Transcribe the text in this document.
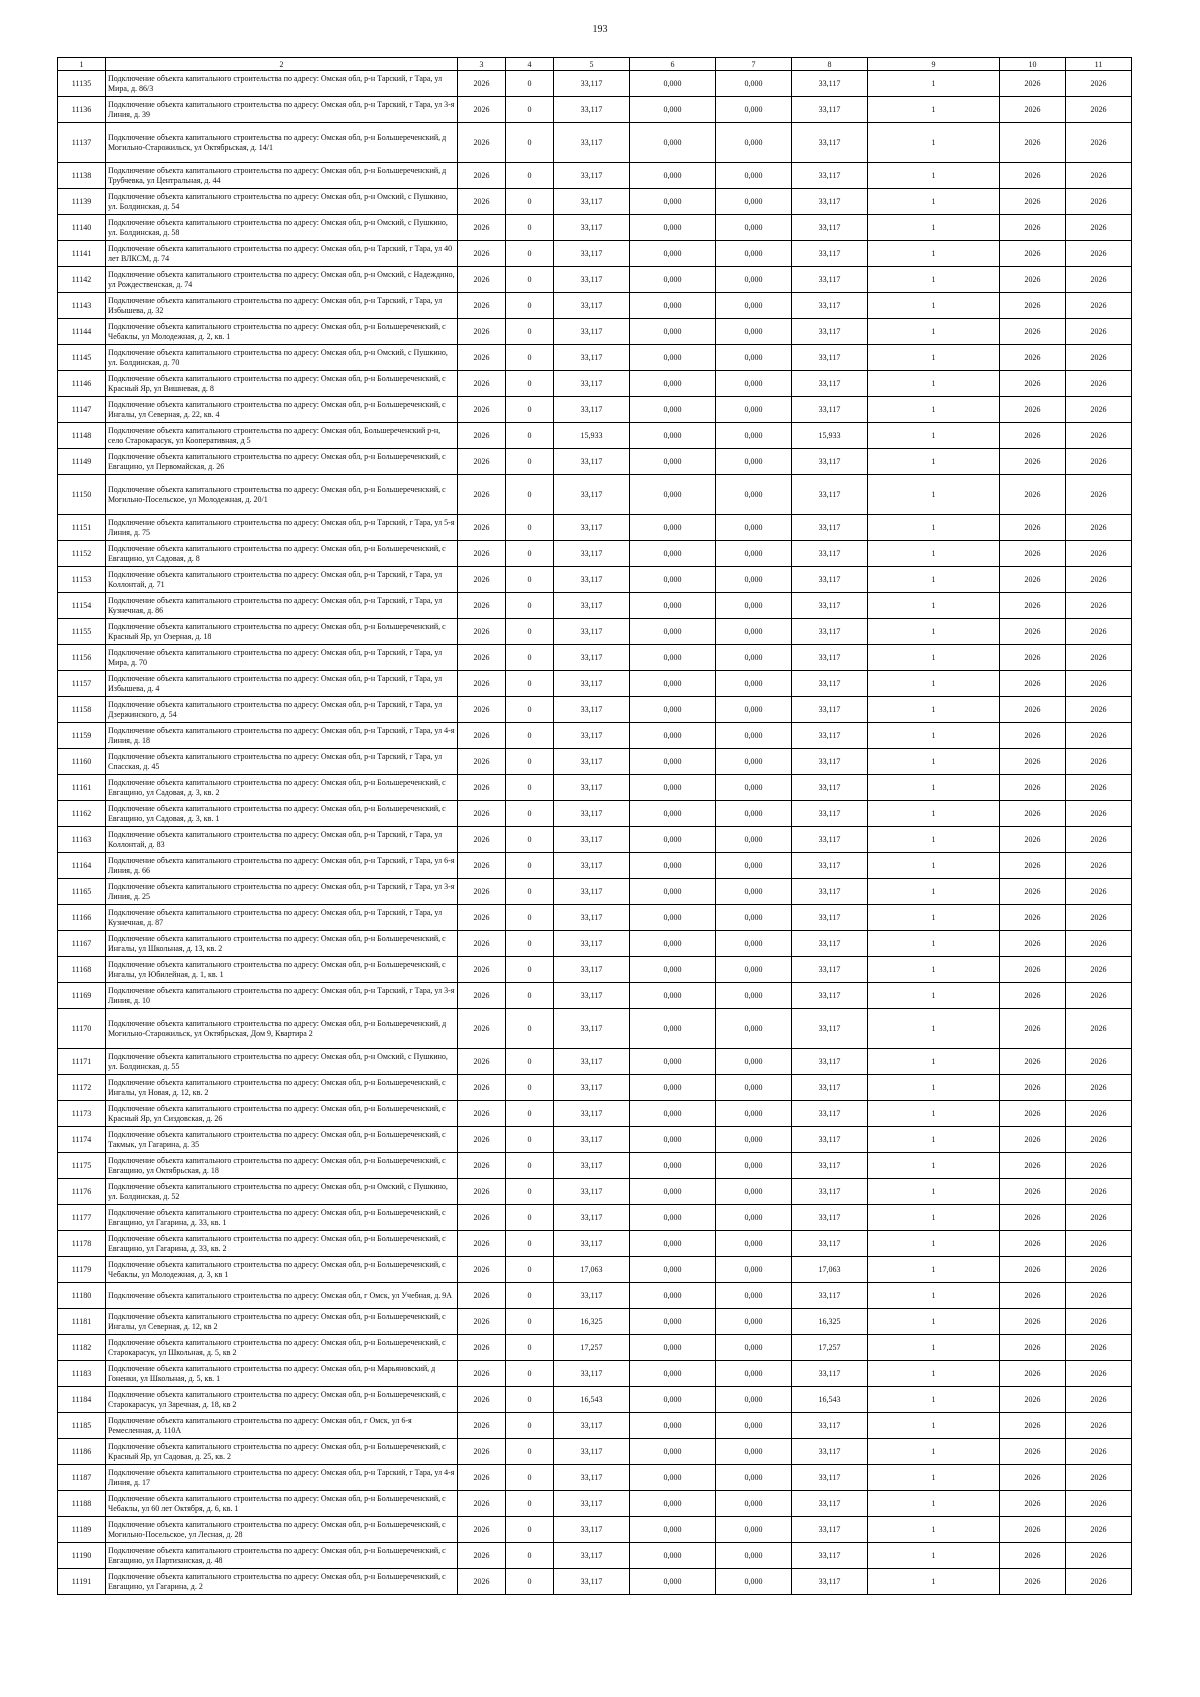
193
1	2	3	4	5	6	7	8	9	10	11
11135	Подключение объекта капитального строительства по адресу: Омская обл, р-н Тарский, г Тара, ул Мира, д. 86/3	2026	0	33,117	0,000	0,000	33,117	1	2026	2026
11136	Подключение объекта капитального строительства по адресу: Омская обл, р-н Тарский, г Тара, ул 3-я Линия, д. 39	2026	0	33,117	0,000	0,000	33,117	1	2026	2026
11137	Подключение объекта капитального строительства по адресу: Омская обл, р-н Большереченский, д Могильно-Старожильск, ул Октябрьская, д. 14/1	2026	0	33,117	0,000	0,000	33,117	1	2026	2026
11138	Подключение объекта капитального строительства по адресу: Омская обл, р-н Большереченский, д Трубчевка, ул Центральная, д. 44	2026	0	33,117	0,000	0,000	33,117	1	2026	2026
11139	Подключение объекта капитального строительства по адресу: Омская обл, р-н Омский, с Пушкино, ул. Болдинская, д. 54	2026	0	33,117	0,000	0,000	33,117	1	2026	2026
11140	Подключение объекта капитального строительства по адресу: Омская обл, р-н Омский, с Пушкино, ул. Болдинская, д. 58	2026	0	33,117	0,000	0,000	33,117	1	2026	2026
11141	Подключение объекта капитального строительства по адресу: Омская обл, р-н Тарский, г Тара, ул 40 лет ВЛКСМ, д. 74	2026	0	33,117	0,000	0,000	33,117	1	2026	2026
11142	Подключение объекта капитального строительства по адресу: Омская обл, р-н Омский, с Надеждино, ул Рождественская, д. 74	2026	0	33,117	0,000	0,000	33,117	1	2026	2026
11143	Подключение объекта капитального строительства по адресу: Омская обл, р-н Тарский, г Тара, ул Избышева, д. 32	2026	0	33,117	0,000	0,000	33,117	1	2026	2026
11144	Подключение объекта капитального строительства по адресу: Омская обл, р-н Большереченский, с Чебаклы, ул Молодежная, д. 2, кв. 1	2026	0	33,117	0,000	0,000	33,117	1	2026	2026
11145	Подключение объекта капитального строительства по адресу: Омская обл, р-н Омский, с Пушкино, ул. Болдинская, д. 70	2026	0	33,117	0,000	0,000	33,117	1	2026	2026
11146	Подключение объекта капитального строительства по адресу: Омская обл, р-н Большереченский, с Красный Яр, ул Вишневая, д. 8	2026	0	33,117	0,000	0,000	33,117	1	2026	2026
11147	Подключение объекта капитального строительства по адресу: Омская обл, р-н Большереченский, с Ингалы, ул Северная, д. 22, кв. 4	2026	0	33,117	0,000	0,000	33,117	1	2026	2026
11148	Подключение объекта капитального строительства по адресу: Омская обл, Большереченский р-н, село Старокарасук, ул Кооперативная, д 5	2026	0	15,933	0,000	0,000	15,933	1	2026	2026
11149	Подключение объекта капитального строительства по адресу: Омская обл, р-н Большереченский, с Евгащино, ул Первомайская, д. 26	2026	0	33,117	0,000	0,000	33,117	1	2026	2026
11150	Подключение объекта капитального строительства по адресу: Омская обл, р-н Большереченский, с Могильно-Посельское, ул Молодежная, д. 20/1	2026	0	33,117	0,000	0,000	33,117	1	2026	2026
11151	Подключение объекта капитального строительства по адресу: Омская обл, р-н Тарский, г Тара, ул 5-я Линия, д. 75	2026	0	33,117	0,000	0,000	33,117	1	2026	2026
11152	Подключение объекта капитального строительства по адресу: Омская обл, р-н Большереченский, с Евгащино, ул Садовая, д. 8	2026	0	33,117	0,000	0,000	33,117	1	2026	2026
11153	Подключение объекта капитального строительства по адресу: Омская обл, р-н Тарский, г Тара, ул Коллонтай, д. 71	2026	0	33,117	0,000	0,000	33,117	1	2026	2026
11154	Подключение объекта капитального строительства по адресу: Омская обл, р-н Тарский, г Тара, ул Кузнечная, д. 86	2026	0	33,117	0,000	0,000	33,117	1	2026	2026
11155	Подключение объекта капитального строительства по адресу: Омская обл, р-н Большереченский, с Красный Яр, ул Озерная, д. 18	2026	0	33,117	0,000	0,000	33,117	1	2026	2026
11156	Подключение объекта капитального строительства по адресу: Омская обл, р-н Тарский, г Тара, ул Мира, д. 70	2026	0	33,117	0,000	0,000	33,117	1	2026	2026
11157	Подключение объекта капитального строительства по адресу: Омская обл, р-н Тарский, г Тара, ул Избышева, д. 4	2026	0	33,117	0,000	0,000	33,117	1	2026	2026
11158	Подключение объекта капитального строительства по адресу: Омская обл, р-н Тарский, г Тара, ул Дзержинского, д. 54	2026	0	33,117	0,000	0,000	33,117	1	2026	2026
11159	Подключение объекта капитального строительства по адресу: Омская обл, р-н Тарский, г Тара, ул 4-я Линия, д. 18	2026	0	33,117	0,000	0,000	33,117	1	2026	2026
11160	Подключение объекта капитального строительства по адресу: Омская обл, р-н Тарский, г Тара, ул Спасская, д. 45	2026	0	33,117	0,000	0,000	33,117	1	2026	2026
11161	Подключение объекта капитального строительства по адресу: Омская обл, р-н Большереченский, с Евгащино, ул Садовая, д. 3, кв. 2	2026	0	33,117	0,000	0,000	33,117	1	2026	2026
11162	Подключение объекта капитального строительства по адресу: Омская обл, р-н Большереченский, с Евгащино, ул Садовая, д. 3, кв. 1	2026	0	33,117	0,000	0,000	33,117	1	2026	2026
11163	Подключение объекта капитального строительства по адресу: Омская обл, р-н Тарский, г Тара, ул Коллонтай, д. 83	2026	0	33,117	0,000	0,000	33,117	1	2026	2026
11164	Подключение объекта капитального строительства по адресу: Омская обл, р-н Тарский, г Тара, ул 6-я Линия, д. 66	2026	0	33,117	0,000	0,000	33,117	1	2026	2026
11165	Подключение объекта капитального строительства по адресу: Омская обл, р-н Тарский, г Тара, ул 3-я Линия, д. 25	2026	0	33,117	0,000	0,000	33,117	1	2026	2026
11166	Подключение объекта капитального строительства по адресу: Омская обл, р-н Тарский, г Тара, ул Кузнечная, д. 87	2026	0	33,117	0,000	0,000	33,117	1	2026	2026
11167	Подключение объекта капитального строительства по адресу: Омская обл, р-н Большереченский, с Ингалы, ул Школьная, д. 13, кв. 2	2026	0	33,117	0,000	0,000	33,117	1	2026	2026
11168	Подключение объекта капитального строительства по адресу: Омская обл, р-н Большереченский, с Ингалы, ул Юбилейная, д. 1, кв. 1	2026	0	33,117	0,000	0,000	33,117	1	2026	2026
11169	Подключение объекта капитального строительства по адресу: Омская обл, р-н Тарский, г Тара, ул 3-я Линия, д. 10	2026	0	33,117	0,000	0,000	33,117	1	2026	2026
11170	Подключение объекта капитального строительства по адресу: Омская обл, р-н Большереченский, д Могильно-Старожильск, ул Октябрьская, Дом 9, Квартира 2	2026	0	33,117	0,000	0,000	33,117	1	2026	2026
11171	Подключение объекта капитального строительства по адресу: Омская обл, р-н Омский, с Пушкино, ул. Болдинская, д. 55	2026	0	33,117	0,000	0,000	33,117	1	2026	2026
11172	Подключение объекта капитального строительства по адресу: Омская обл, р-н Большереченский, с Ингалы, ул Новая, д. 12, кв. 2	2026	0	33,117	0,000	0,000	33,117	1	2026	2026
11173	Подключение объекта капитального строительства по адресу: Омская обл, р-н Большереченский, с Красный Яр, ул Сиздовская, д. 26	2026	0	33,117	0,000	0,000	33,117	1	2026	2026
11174	Подключение объекта капитального строительства по адресу: Омская обл, р-н Большереченский, с Такмык, ул Гагарина, д. 35	2026	0	33,117	0,000	0,000	33,117	1	2026	2026
11175	Подключение объекта капитального строительства по адресу: Омская обл, р-н Большереченский, с Евгащино, ул Октябрьская, д. 18	2026	0	33,117	0,000	0,000	33,117	1	2026	2026
11176	Подключение объекта капитального строительства по адресу: Омская обл, р-н Омский, с Пушкино, ул. Болдинская, д. 52	2026	0	33,117	0,000	0,000	33,117	1	2026	2026
11177	Подключение объекта капитального строительства по адресу: Омская обл, р-н Большереченский, с Евгащино, ул Гагарина, д. 33, кв. 1	2026	0	33,117	0,000	0,000	33,117	1	2026	2026
11178	Подключение объекта капитального строительства по адресу: Омская обл, р-н Большереченский, с Евгащино, ул Гагарина, д. 33, кв. 2	2026	0	33,117	0,000	0,000	33,117	1	2026	2026
11179	Подключение объекта капитального строительства по адресу: Омская обл, р-н Большереченский, с Чебаклы, ул Молодежная, д. 3, кв 1	2026	0	17,063	0,000	0,000	17,063	1	2026	2026
11180	Подключение объекта капитального строительства по адресу: Омская обл, г Омск, ул Учебная, д. 9А	2026	0	33,117	0,000	0,000	33,117	1	2026	2026
11181	Подключение объекта капитального строительства по адресу: Омская обл, р-н Большереченский, с Ингалы, ул Северная, д. 12, кв 2	2026	0	16,325	0,000	0,000	16,325	1	2026	2026
11182	Подключение объекта капитального строительства по адресу: Омская обл, р-н Большереченский, с Старокарасук, ул Школьная, д. 5, кв 2	2026	0	17,257	0,000	0,000	17,257	1	2026	2026
11183	Подключение объекта капитального строительства по адресу: Омская обл, р-н Марьяновский, д Гоненки, ул Школьная, д. 5, кв. 1	2026	0	33,117	0,000	0,000	33,117	1	2026	2026
11184	Подключение объекта капитального строительства по адресу: Омская обл, р-н Большереченский, с Старокарасук, ул Заречная, д. 18, кв 2	2026	0	16,543	0,000	0,000	16,543	1	2026	2026
11185	Подключение объекта капитального строительства по адресу: Омская обл, г Омск, ул 6-я Ремесленная, д. 110А	2026	0	33,117	0,000	0,000	33,117	1	2026	2026
11186	Подключение объекта капитального строительства по адресу: Омская обл, р-н Большереченский, с Красный Яр, ул Садовая, д. 25, кв. 2	2026	0	33,117	0,000	0,000	33,117	1	2026	2026
11187	Подключение объекта капитального строительства по адресу: Омская обл, р-н Тарский, г Тара, ул 4-я Линия, д. 17	2026	0	33,117	0,000	0,000	33,117	1	2026	2026
11188	Подключение объекта капитального строительства по адресу: Омская обл, р-н Большереченский, с Чебаклы, ул 60 лет Октября, д. 6, кв. 1	2026	0	33,117	0,000	0,000	33,117	1	2026	2026
11189	Подключение объекта капитального строительства по адресу: Омская обл, р-н Большереченский, с Могильно-Посельское, ул Лесная, д. 28	2026	0	33,117	0,000	0,000	33,117	1	2026	2026
11190	Подключение объекта капитального строительства по адресу: Омская обл, р-н Большереченский, с Евгащино, ул Партизанская, д. 48	2026	0	33,117	0,000	0,000	33,117	1	2026	2026
11191	Подключение объекта капитального строительства по адресу: Омская обл, р-н Большереченский, с Евгащино, ул Гагарина, д. 2	2026	0	33,117	0,000	0,000	33,117	1	2026	2026
